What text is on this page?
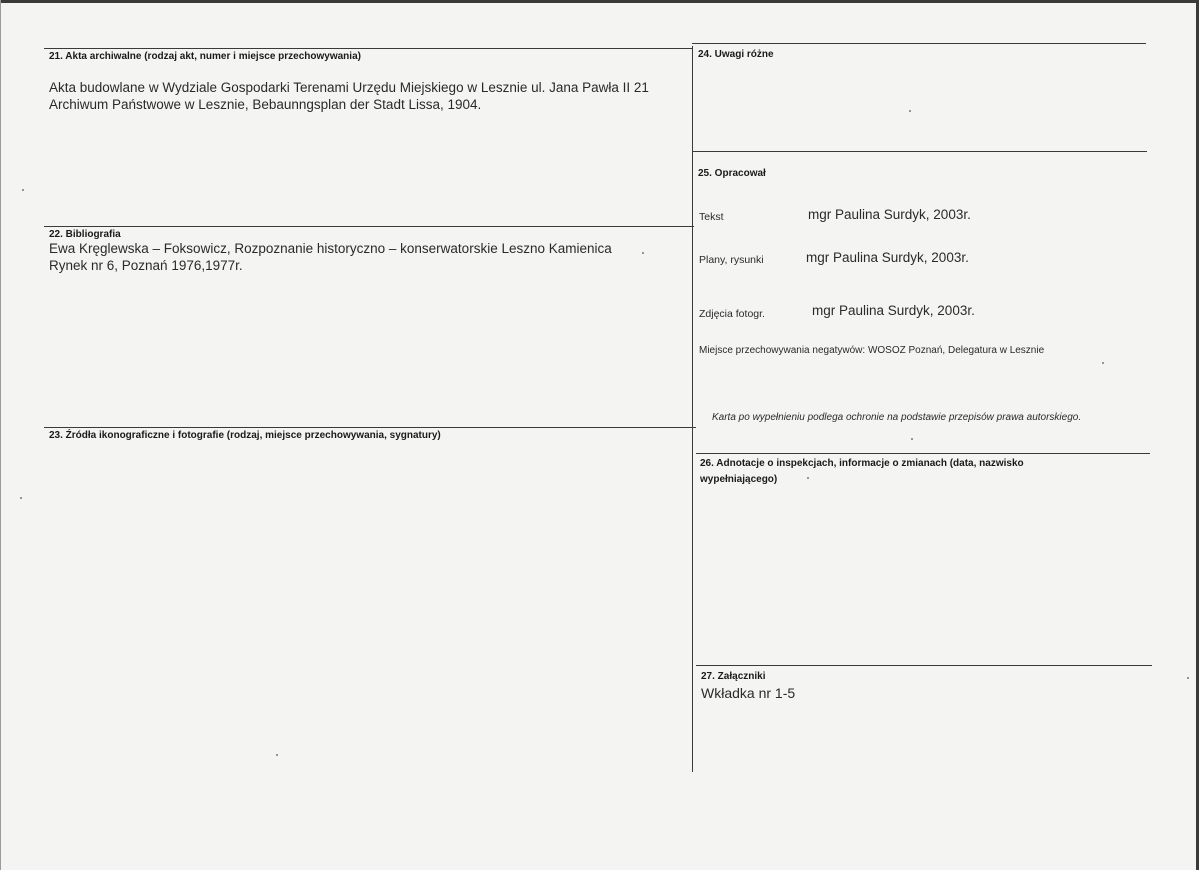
21. Akta archiwalne (rodzaj akt, numer i miejsce przechowywania)
Akta budowlane w Wydziale Gospodarki Terenami Urzędu Miejskiego w Lesznie ul. Jana Pawła II 21
Archiwum Państwowe w Lesznie, Bebaunngsplan der Stadt Lissa, 1904.
22. Bibliografia
Ewa Kręglewska – Foksowicz, Rozpoznanie historyczno – konserwatorskie Leszno Kamienica
Rynek nr 6, Poznań 1976,1977r.
23. Źródła ikonograficzne i fotografie (rodzaj, miejsce przechowywania, sygnatury)
24. Uwagi różne
25. Opracował
Tekst	mgr Paulina Surdyk, 2003r.
Plany, rysunki	mgr Paulina Surdyk, 2003r.
Zdjęcia fotogr.	mgr Paulina Surdyk, 2003r.
Miejsce przechowywania negatywów: WOSOZ Poznań, Delegatura w Lesznie
Karta po wypełnieniu podlega ochronie na podstawie przepisów prawa autorskiego.
26. Adnotacje o inspekcjach, informacje o zmianach (data, nazwisko
wypełniającego)
27. Załączniki
Wkładka nr 1-5
